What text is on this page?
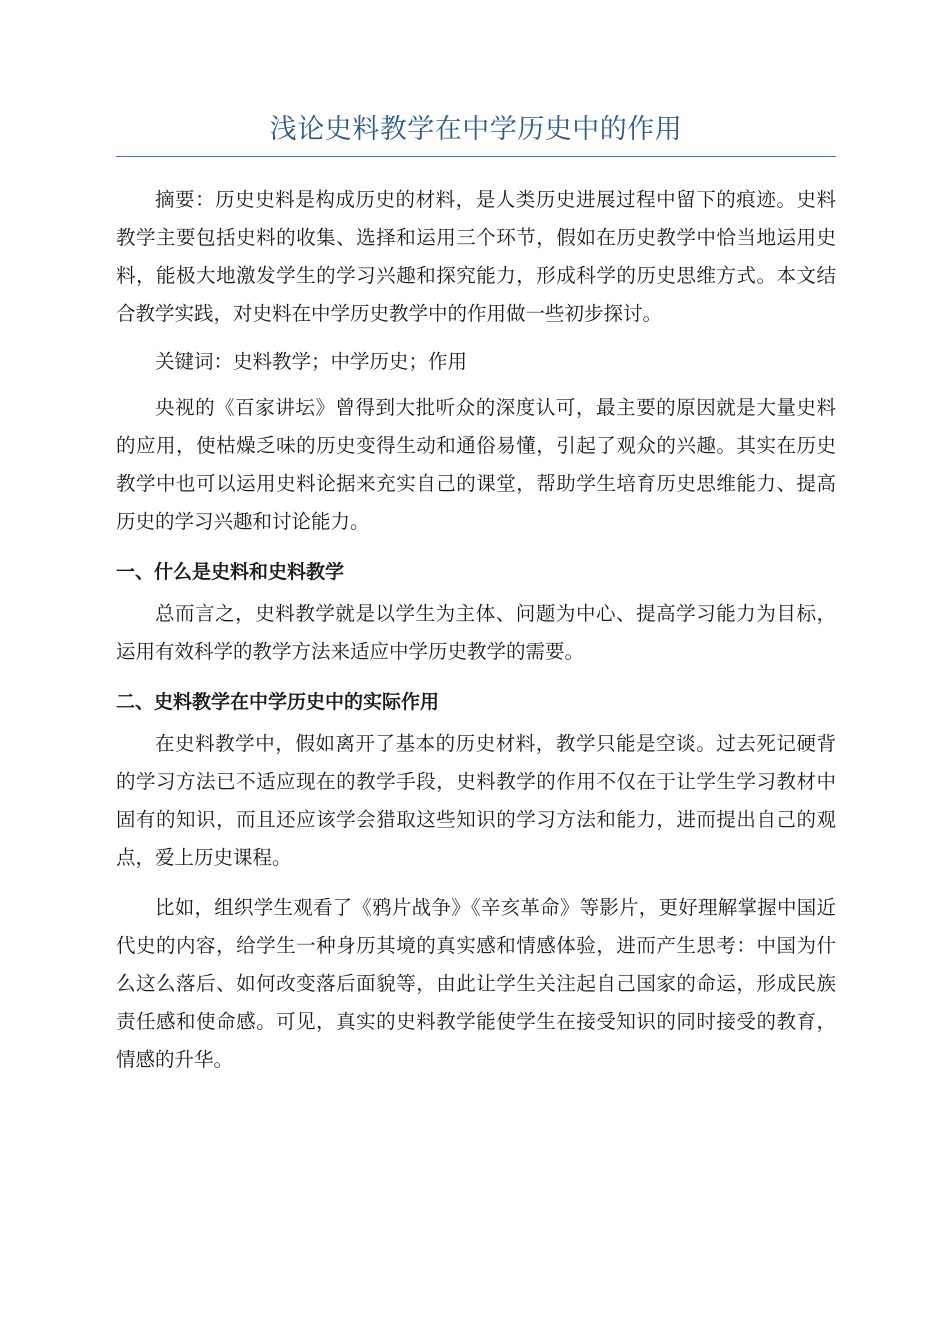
浅论史料教学在中学历史中的作用

摘要：历史史料是构成历史的材料，是人类历史进展过程中留下的痕迹。史料教学主要包括史料的收集、选择和运用三个环节，假如在历史教学中恰当地运用史料，能极大地激发学生的学习兴趣和探究能力，形成科学的历史思维方式。本文结合教学实践，对史料在中学历史教学中的作用做一些初步探讨。

关键词：史料教学；中学历史；作用

央视的《百家讲坛》曾得到大批听众的深度认可，最主要的原因就是大量史料的应用，使枯燥乏味的历史变得生动和通俗易懂，引起了观众的兴趣。其实在历史教学中也可以运用史料论据来充实自己的课堂，帮助学生培育历史思维能力、提高历史的学习兴趣和讨论能力。

一、什么是史料和史料教学

总而言之，史料教学就是以学生为主体、问题为中心、提高学习能力为目标，运用有效科学的教学方法来适应中学历史教学的需要。

二、史料教学在中学历史中的实际作用

在史料教学中，假如离开了基本的历史材料，教学只能是空谈。过去死记硬背的学习方法已不适应现在的教学手段，史料教学的作用不仅在于让学生学习教材中固有的知识，而且还应该学会猎取这些知识的学习方法和能力，进而提出自己的观点，爱上历史课程。

比如，组织学生观看了《鸦片战争》《辛亥革命》等影片，更好理解掌握中国近代史的内容，给学生一种身历其境的真实感和情感体验，进而产生思考：中国为什么这么落后、如何改变落后面貌等，由此让学生关注起自己国家的命运，形成民族责任感和使命感。可见，真实的史料教学能使学生在接受知识的同时接受的教育，情感的升华。
